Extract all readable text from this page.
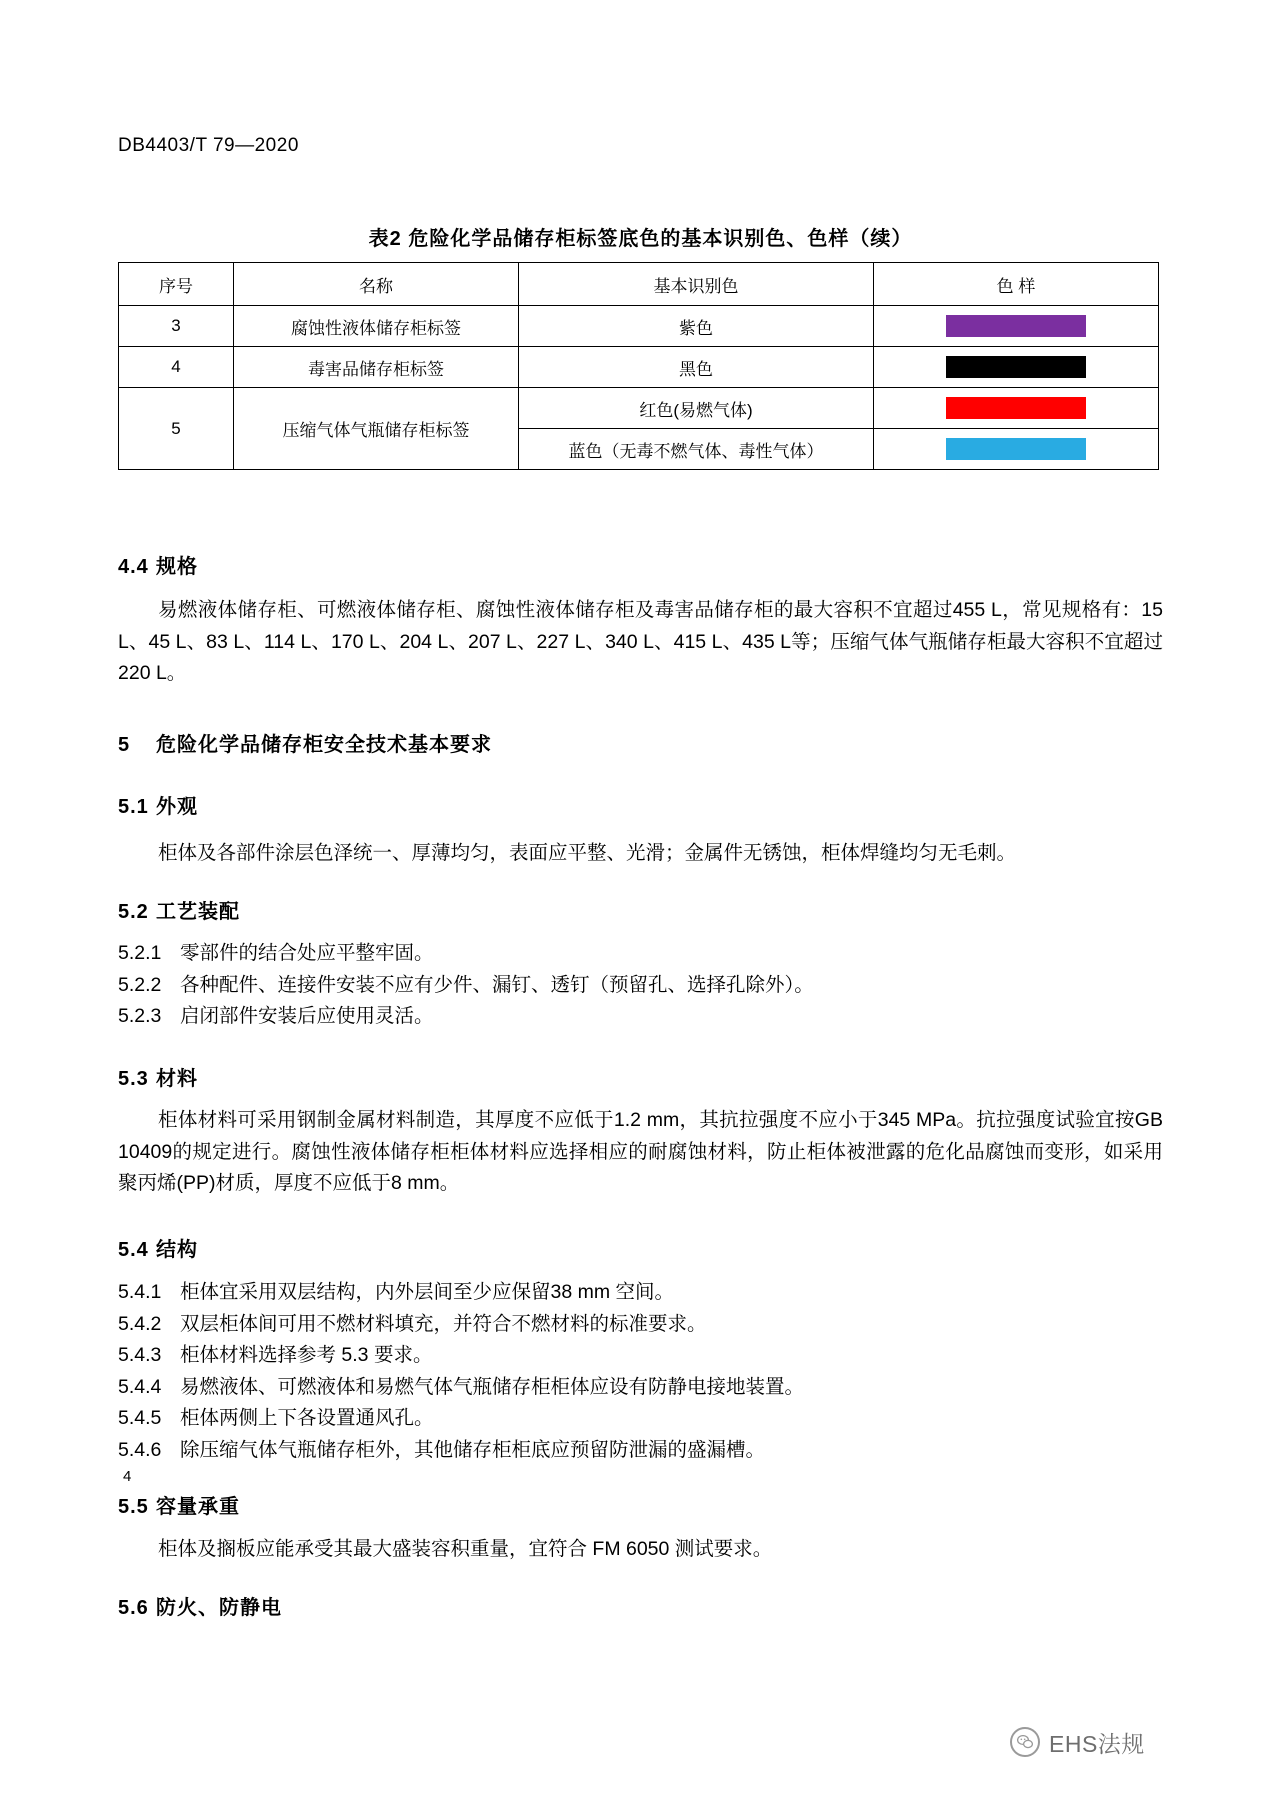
DB4403/T 79—2020
表2 危险化学品储存柜标签底色的基本识别色、色样（续）
序号	名称	基本识别色	色 样
3	腐蚀性液体储存柜标签	紫色	

4	毒害品储存柜标签	黑色	

5	压缩气体气瓶储存柜标签	红色(易燃气体)	

		蓝色（无毒不燃气体、毒性气体）	
4.4 规格
易燃液体储存柜、可燃液体储存柜、腐蚀性液体储存柜及毒害品储存柜的最大容积不宜超过455 L，常见规格有：15 L、45 L、83 L、114 L、170 L、204 L、207 L、227 L、340 L、415 L、435 L等；压缩气体气瓶储存柜最大容积不宜超过 220 L。
5 危险化学品储存柜安全技术基本要求
5.1 外观
柜体及各部件涂层色泽统一、厚薄均匀，表面应平整、光滑；金属件无锈蚀，柜体焊缝均匀无毛刺。
5.2 工艺装配
5.2.1 零部件的结合处应平整牢固。
5.2.2 各种配件、连接件安装不应有少件、漏钉、透钉（预留孔、选择孔除外）。
5.2.3 启闭部件安装后应使用灵活。
5.3 材料
柜体材料可采用钢制金属材料制造，其厚度不应低于1.2 mm，其抗拉强度不应小于345 MPa。抗拉强度试验宜按GB 10409的规定进行。腐蚀性液体储存柜柜体材料应选择相应的耐腐蚀材料，防止柜体被泄露的危化品腐蚀而变形，如采用聚丙烯(PP)材质，厚度不应低于8 mm。
5.4 结构
5.4.1 柜体宜采用双层结构，内外层间至少应保留38 mm 空间。
5.4.2 双层柜体间可用不燃材料填充，并符合不燃材料的标准要求。
5.4.3 柜体材料选择参考 5.3 要求。
5.4.4 易燃液体、可燃液体和易燃气体气瓶储存柜柜体应设有防静电接地装置。
5.4.5 柜体两侧上下各设置通风孔。
5.4.6 除压缩气体气瓶储存柜外，其他储存柜柜底应预留防泄漏的盛漏槽。
5.5 容量承重
柜体及搁板应能承受其最大盛装容积重量，宜符合 FM 6050 测试要求。
5.6 防火、防静电
4
EHS法规
